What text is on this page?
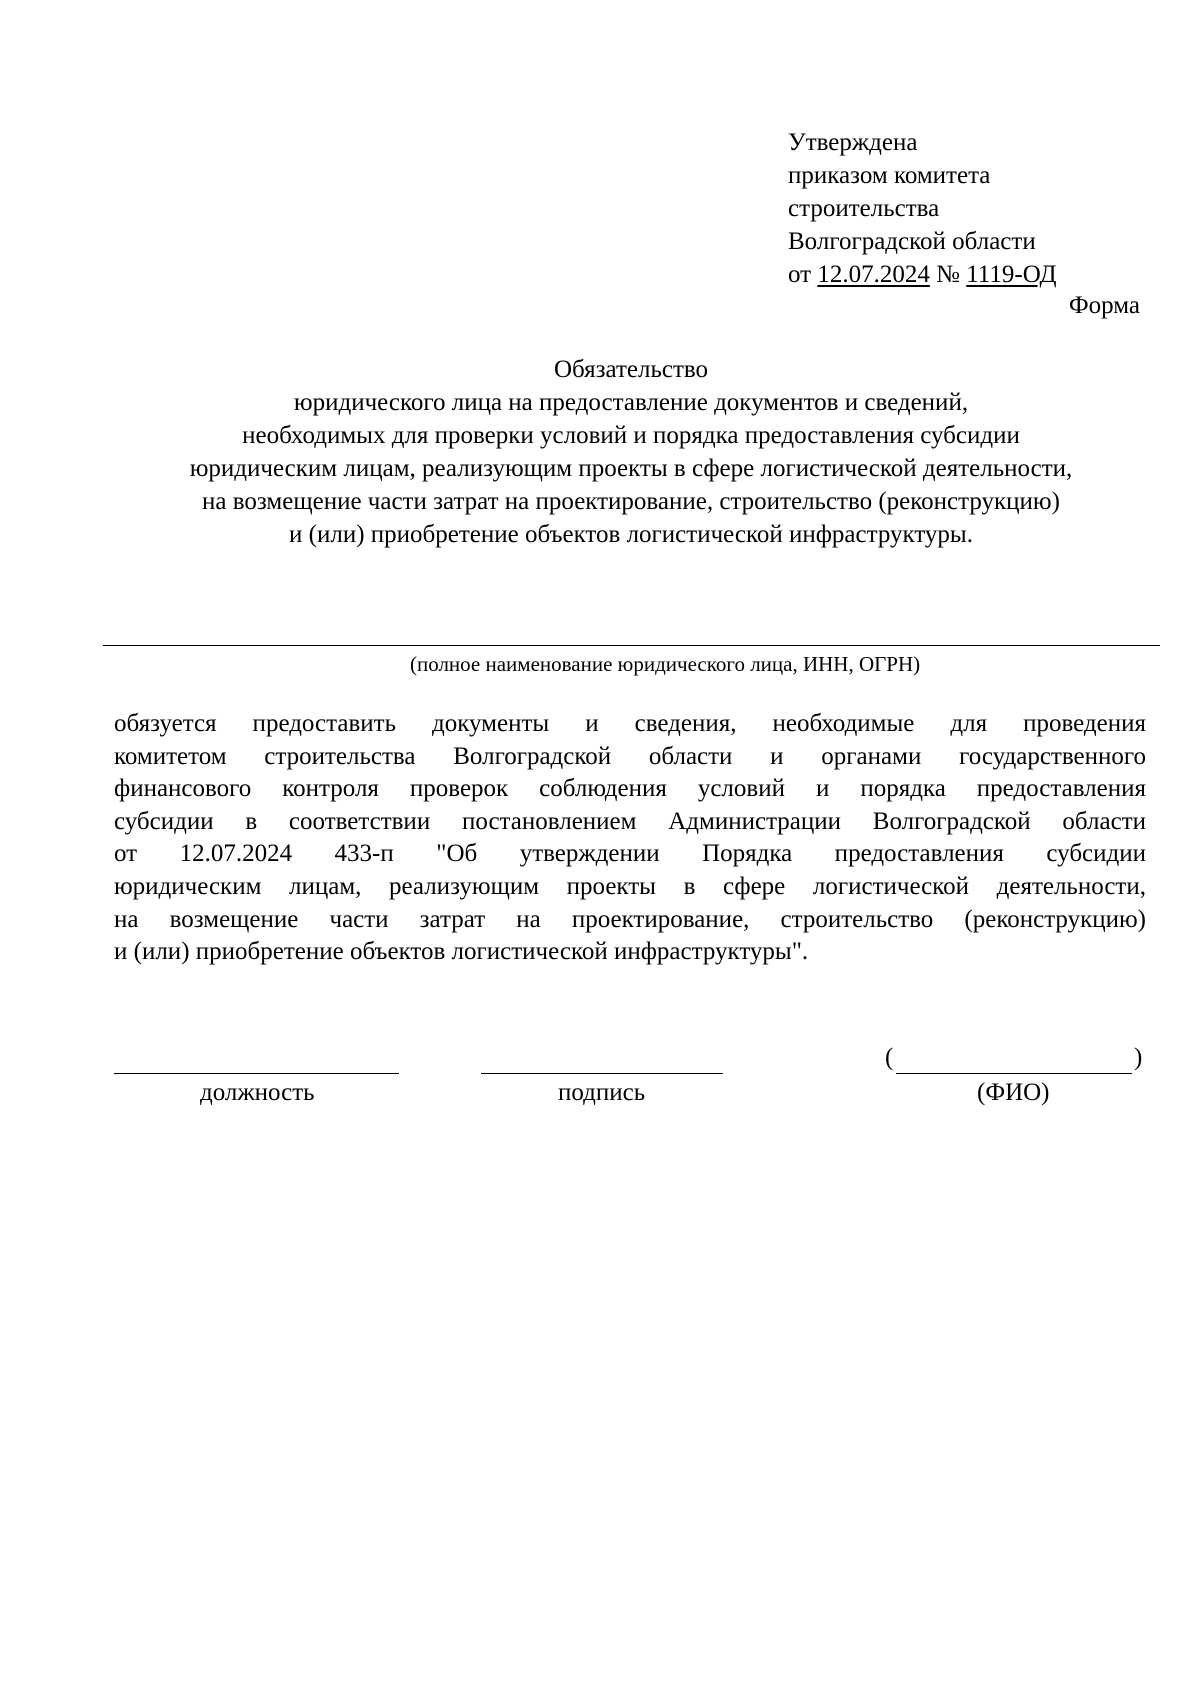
Утверждена
приказом комитета
строительства
Волгоградской области
от 12.07.2024 № 1119-ОД
Форма
Обязательство
юридического лица на предоставление документов и сведений,
необходимых для проверки условий и порядка предоставления субсидии
юридическим лицам, реализующим проекты в сфере логистической деятельности,
на возмещение части затрат на проектирование, строительство (реконструкцию)
и (или) приобретение объектов логистической инфраструктуры.
(полное наименование юридического лица, ИНН, ОГРН)
обязуется предоставить документы и сведения, необходимые для проведения
комитетом строительства Волгоградской области и органами государственного
финансового контроля проверок соблюдения условий и порядка предоставления
субсидии в соответствии постановлением Администрации Волгоградской области
от 12.07.2024 433-п "Об утверждении Порядка предоставления субсидии
юридическим лицам, реализующим проекты в сфере логистической деятельности,
на возмещение части затрат на проектирование, строительство (реконструкцию)
и (или) приобретение объектов логистической инфраструктуры".
должность	подпись
(	)
(ФИО)
